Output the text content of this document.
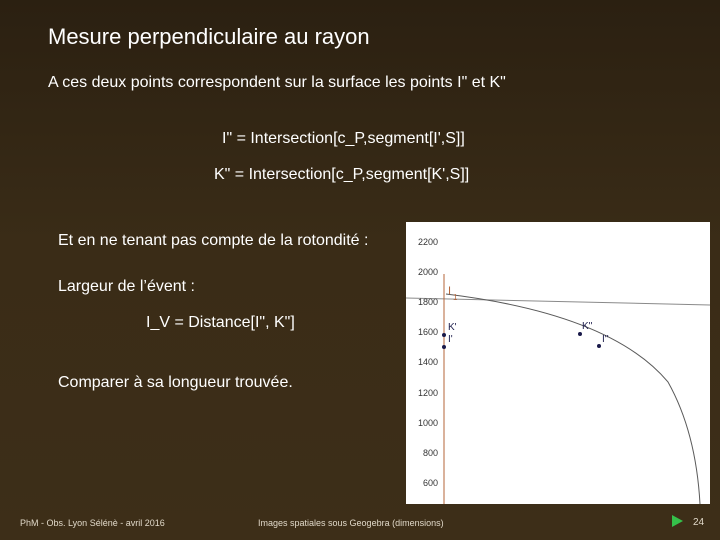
Mesure perpendiculaire au rayon
A ces deux points correspondent sur la surface les points I" et K"
I" = Intersection[c_P,segment[I',S]]
K" = Intersection[c_P,segment[K',S]]
Et en ne tenant pas compte de la rotondité :
Largeur de l’évent :
I_V = Distance[I", K"]
Comparer à sa longueur trouvée.
2200
2000
1800
1600
1400
1200
1000
800
600
I
1
K'
I'
K''
I''
PhM - Obs. Lyon Sélénè - avril 2016	Images spatiales sous Geogebra (dimensions)	24
